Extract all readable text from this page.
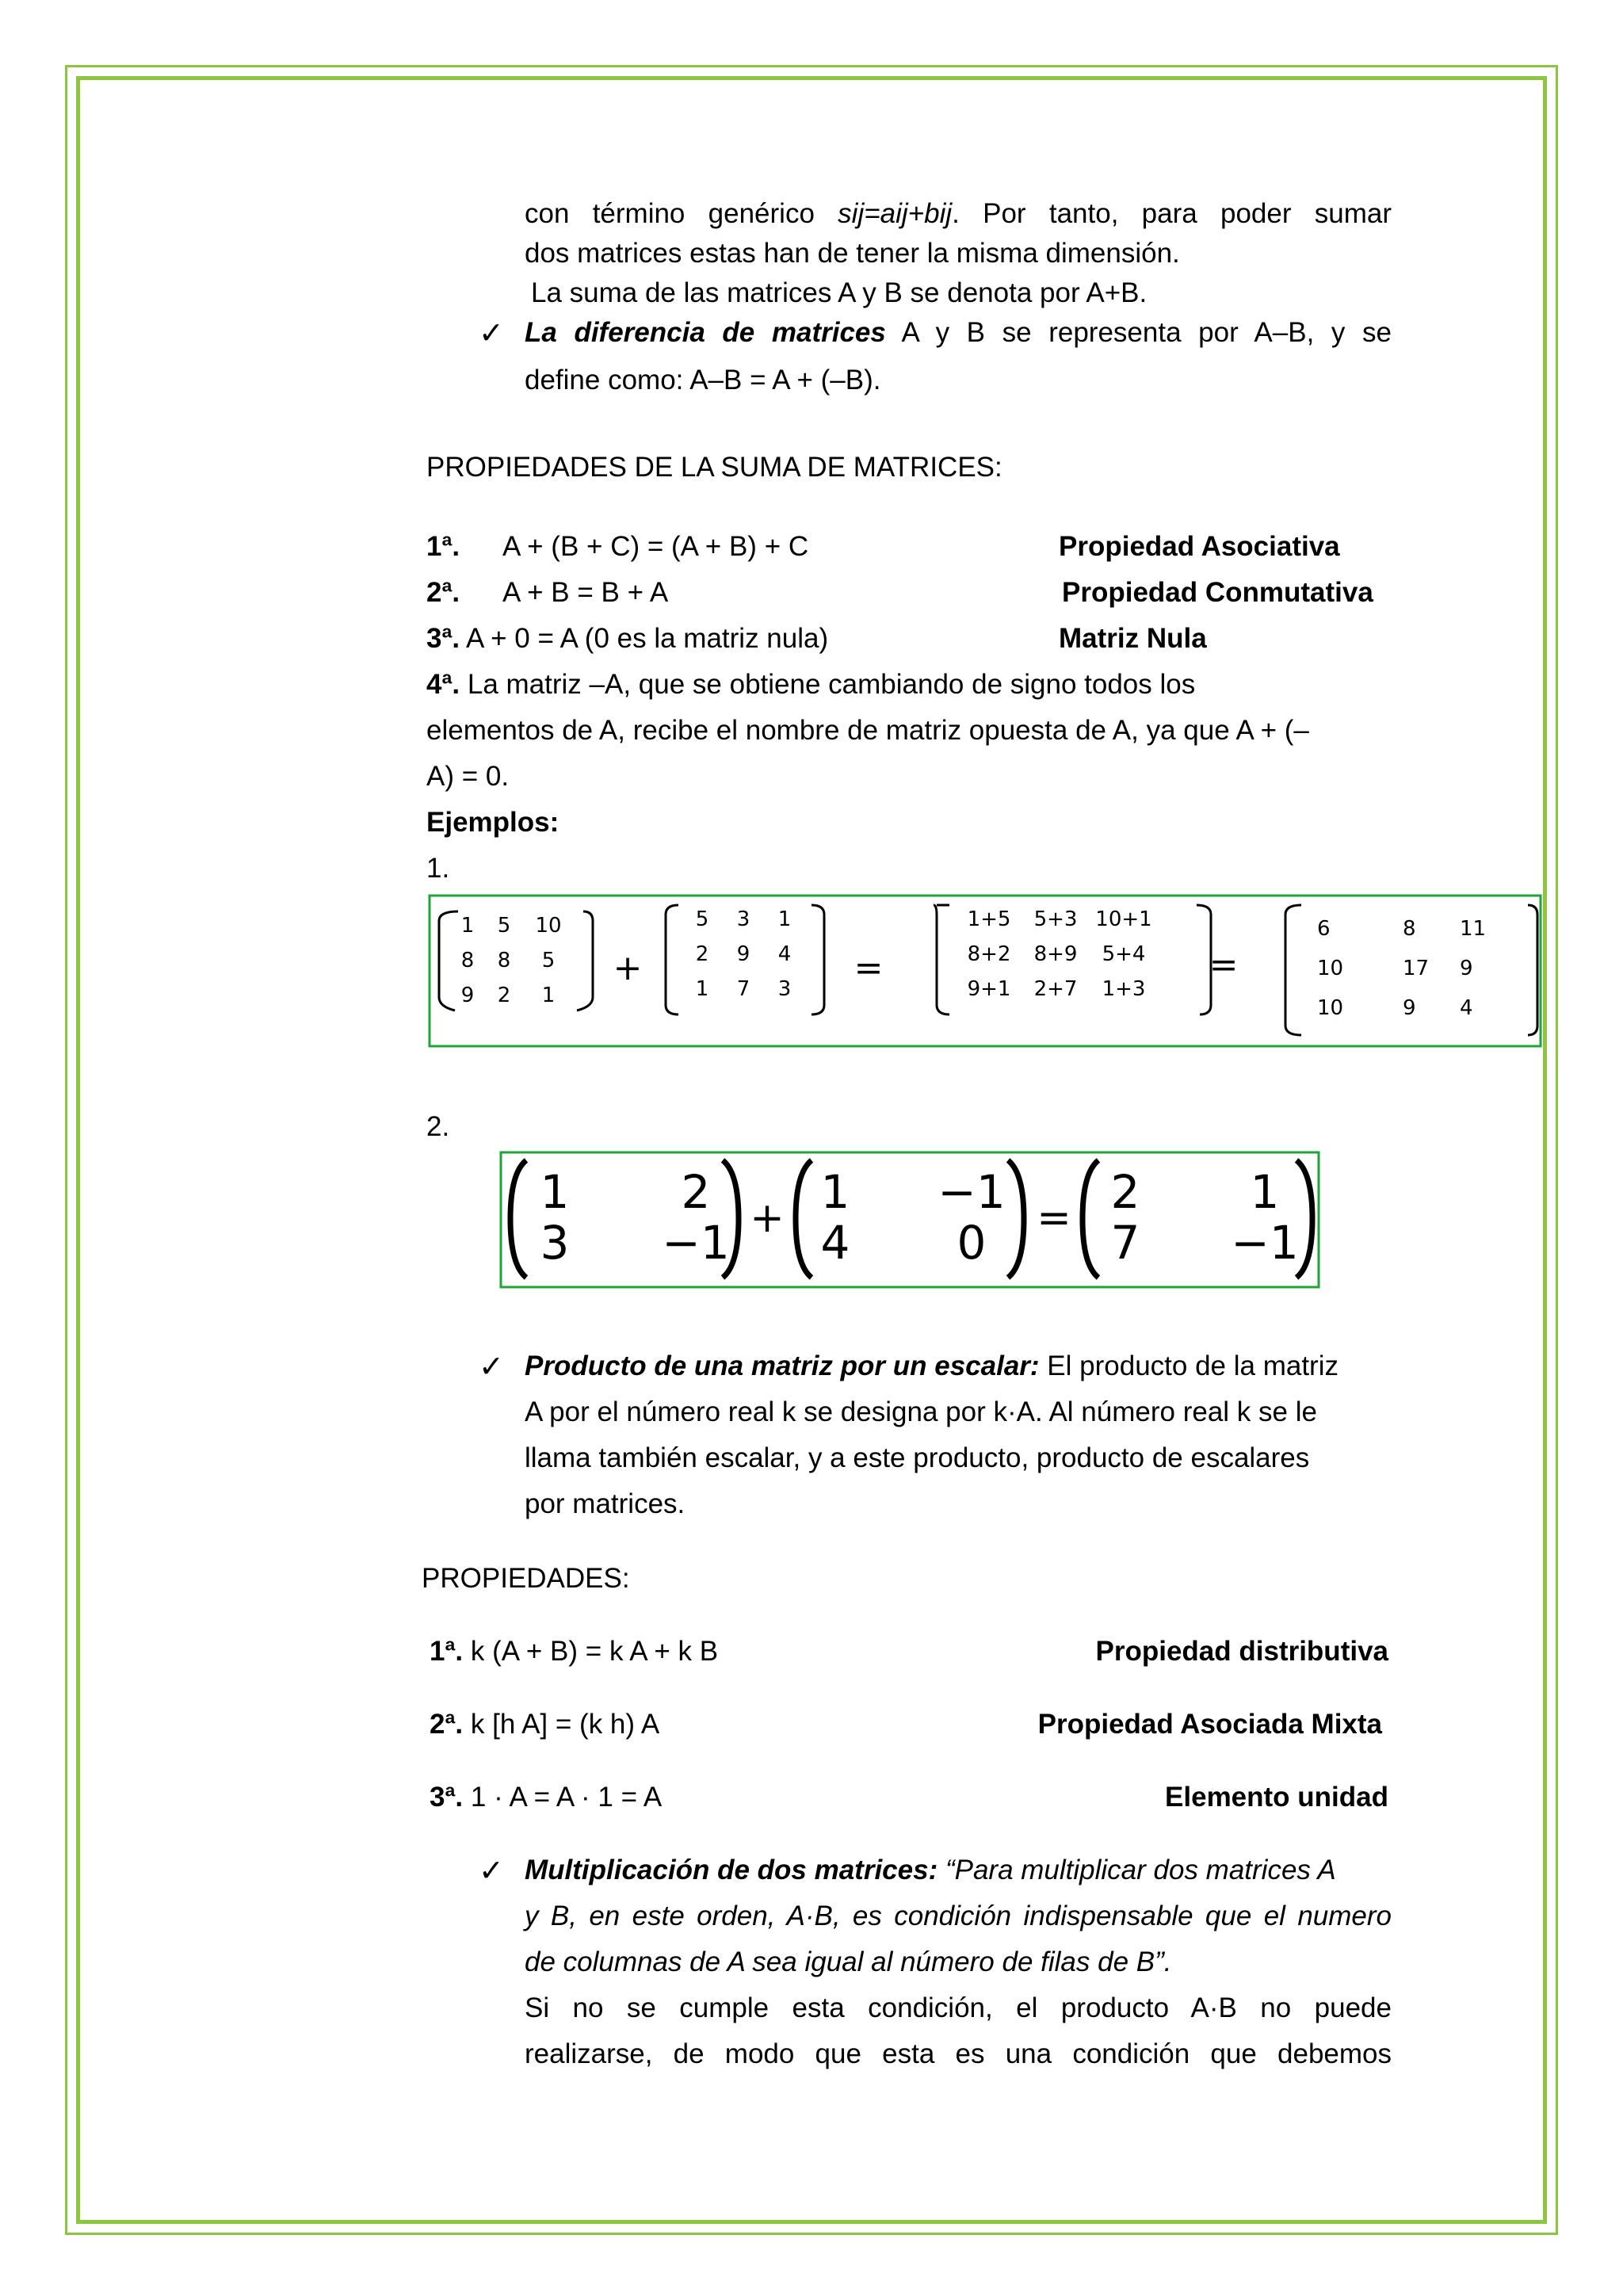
con término genérico sij=aij+bij. Por tanto, para poder sumar
dos matrices estas han de tener la misma dimensión.
La suma de las matrices A y B se denota por A+B.
✓ La diferencia de matrices A y B se representa por A–B, y se
define como: A–B = A + (–B).
PROPIEDADES DE LA SUMA DE MATRICES:
1ª. A + (B + C) = (A + B) + C	Propiedad Asociativa
2ª. A + B = B + A	Propiedad Conmutativa
3ª. A + 0 = A (0 es la matriz nula)	Matriz Nula
4ª. La matriz –A, que se obtiene cambiando de signo todos los
elementos de A, recibe el nombre de matriz opuesta de A, ya que A + (–
A) = 0.
Ejemplos:
1.
1 5 10
8 8 5
9 2 1
5 3 1
2 9 4
1 7 3
1+5 5+3 10+1
8+2 8+9 5+4
9+1 2+7 1+3
6	8 11
10	17 9
10	9 4
+	=	=
2.
1 2
3 −1
1 −1
4 0
2 1
7 −1
+	=
✓ Producto de una matriz por un escalar: El producto de la matriz
A por el número real k se designa por k·A. Al número real k se le
llama también escalar, y a este producto, producto de escalares
por matrices.
PROPIEDADES:
1ª. k (A + B) = k A + k B	Propiedad distributiva
2ª. k [h A] = (k h) A	Propiedad Asociada Mixta
3ª. 1 · A = A · 1 = A	Elemento unidad
✓ Multiplicación de dos matrices: “Para multiplicar dos matrices A
y B, en este orden, A·B, es condición indispensable que el numero
de columnas de A sea igual al número de filas de B”.
Si no se cumple esta condición, el producto A·B no puede
realizarse, de modo que esta es una condición que debemos
